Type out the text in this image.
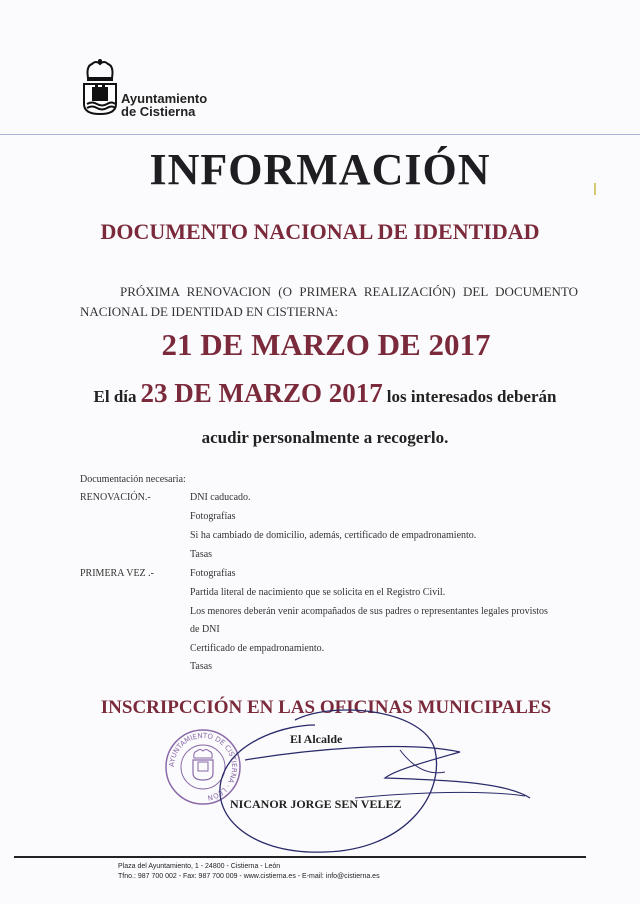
Ayuntamiento
de Cistierna
INFORMACIÓN
DOCUMENTO NACIONAL DE IDENTIDAD
PRÓXIMA RENOVACION (O PRIMERA REALIZACIÓN) DEL DOCUMENTO NACIONAL DE IDENTIDAD EN CISTIERNA:
21 DE MARZO DE 2017
El día 23 DE MARZO 2017 los interesados deberán
acudir personalmente a recogerlo.
Documentación necesaria:
RENOVACIÓN.-	DNI caducado.
Fotografías
Si ha cambiado de domicilio, además, certificado de empadronamiento.
Tasas
PRIMERA VEZ .-	Fotografías
Partida literal de nacimiento que se solicita en el Registro Civil.
Los menores deberán venir acompañados de sus padres o representantes legales provistos
de DNI
Certificado de empadronamiento.
Tasas
INSCRIPCCIÓN EN LAS OFICINAS MUNICIPALES
El Alcalde
NICANOR JORGE SEN VELEZ
AYUNTAMIENTO DE CISTIERNA · LEÓN
Plaza del Ayuntamiento, 1 - 24800 - Cistierna - León
Tfno.: 987 700 002 - Fax: 987 700 009 - www.cistierna.es - E-mail: info@cistierna.es
